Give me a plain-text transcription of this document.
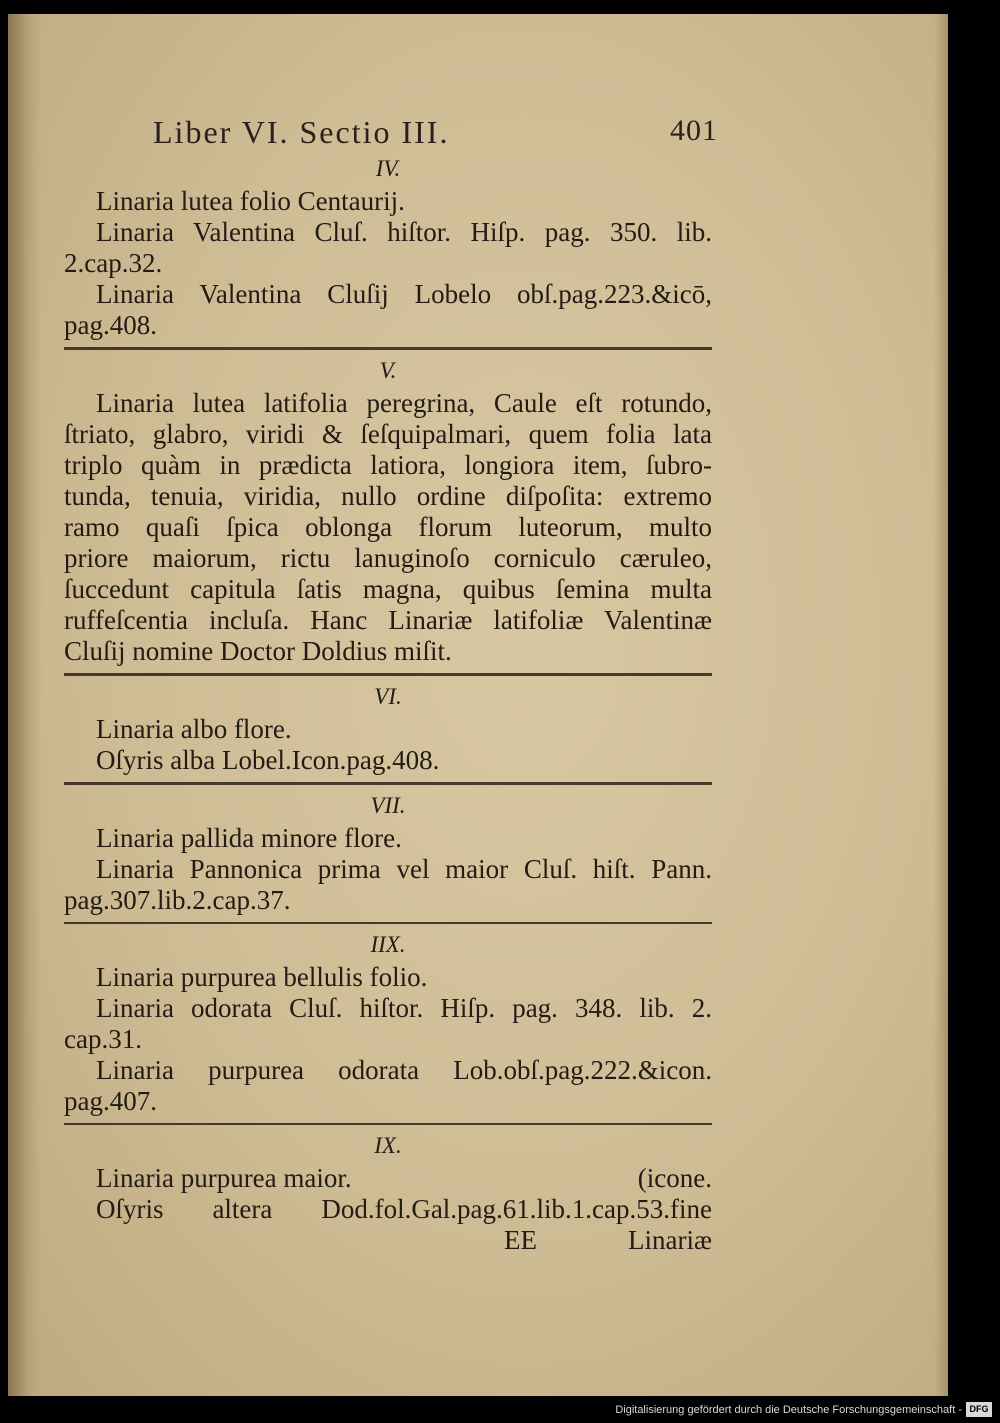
Liber VI. Sectio III.	401

IV.

Linaria lutea folio Centaurij.

Linaria Valentina Cluſ. hiſtor. Hiſp. pag. 350. lib.

2.cap.32.

Linaria Valentina Cluſij Lobelo obſ.pag.223.&icō,

pag.408.

V.

Linaria lutea latifolia peregrina, Caule eſt rotundo,

ſtriato, glabro, viridi & ſeſquipalmari, quem folia lata

triplo quàm in prædicta latiora, longiora item, ſubro-

tunda, tenuia, viridia, nullo ordine diſpoſita: extremo

ramo quaſi ſpica oblonga florum luteorum, multo

priore maiorum, rictu lanuginoſo corniculo cæruleo,

ſuccedunt capitula ſatis magna, quibus ſemina multa

ruffeſcentia incluſa. Hanc Linariæ latifoliæ Valentinæ

Cluſij nomine Doctor Doldius miſit.

VI.

Linaria albo flore.

Oſyris alba Lobel.Icon.pag.408.

VII.

Linaria pallida minore flore.

Linaria Pannonica prima vel maior Cluſ. hiſt. Pann.

pag.307.lib.2.cap.37.

IIX.

Linaria purpurea bellulis folio.

Linaria odorata Cluſ. hiſtor. Hiſp. pag. 348. lib. 2.

cap.31.

Linaria purpurea odorata Lob.obſ.pag.222.&icon.

pag.407.

IX.

Linaria purpurea maior.	(icone.

Oſyris altera Dod.fol.Gal.pag.61.lib.1.cap.53.fine

EE	Linariæ
Digitalisierung gefördert durch die Deutsche Forschungsgemeinschaft - DFG
